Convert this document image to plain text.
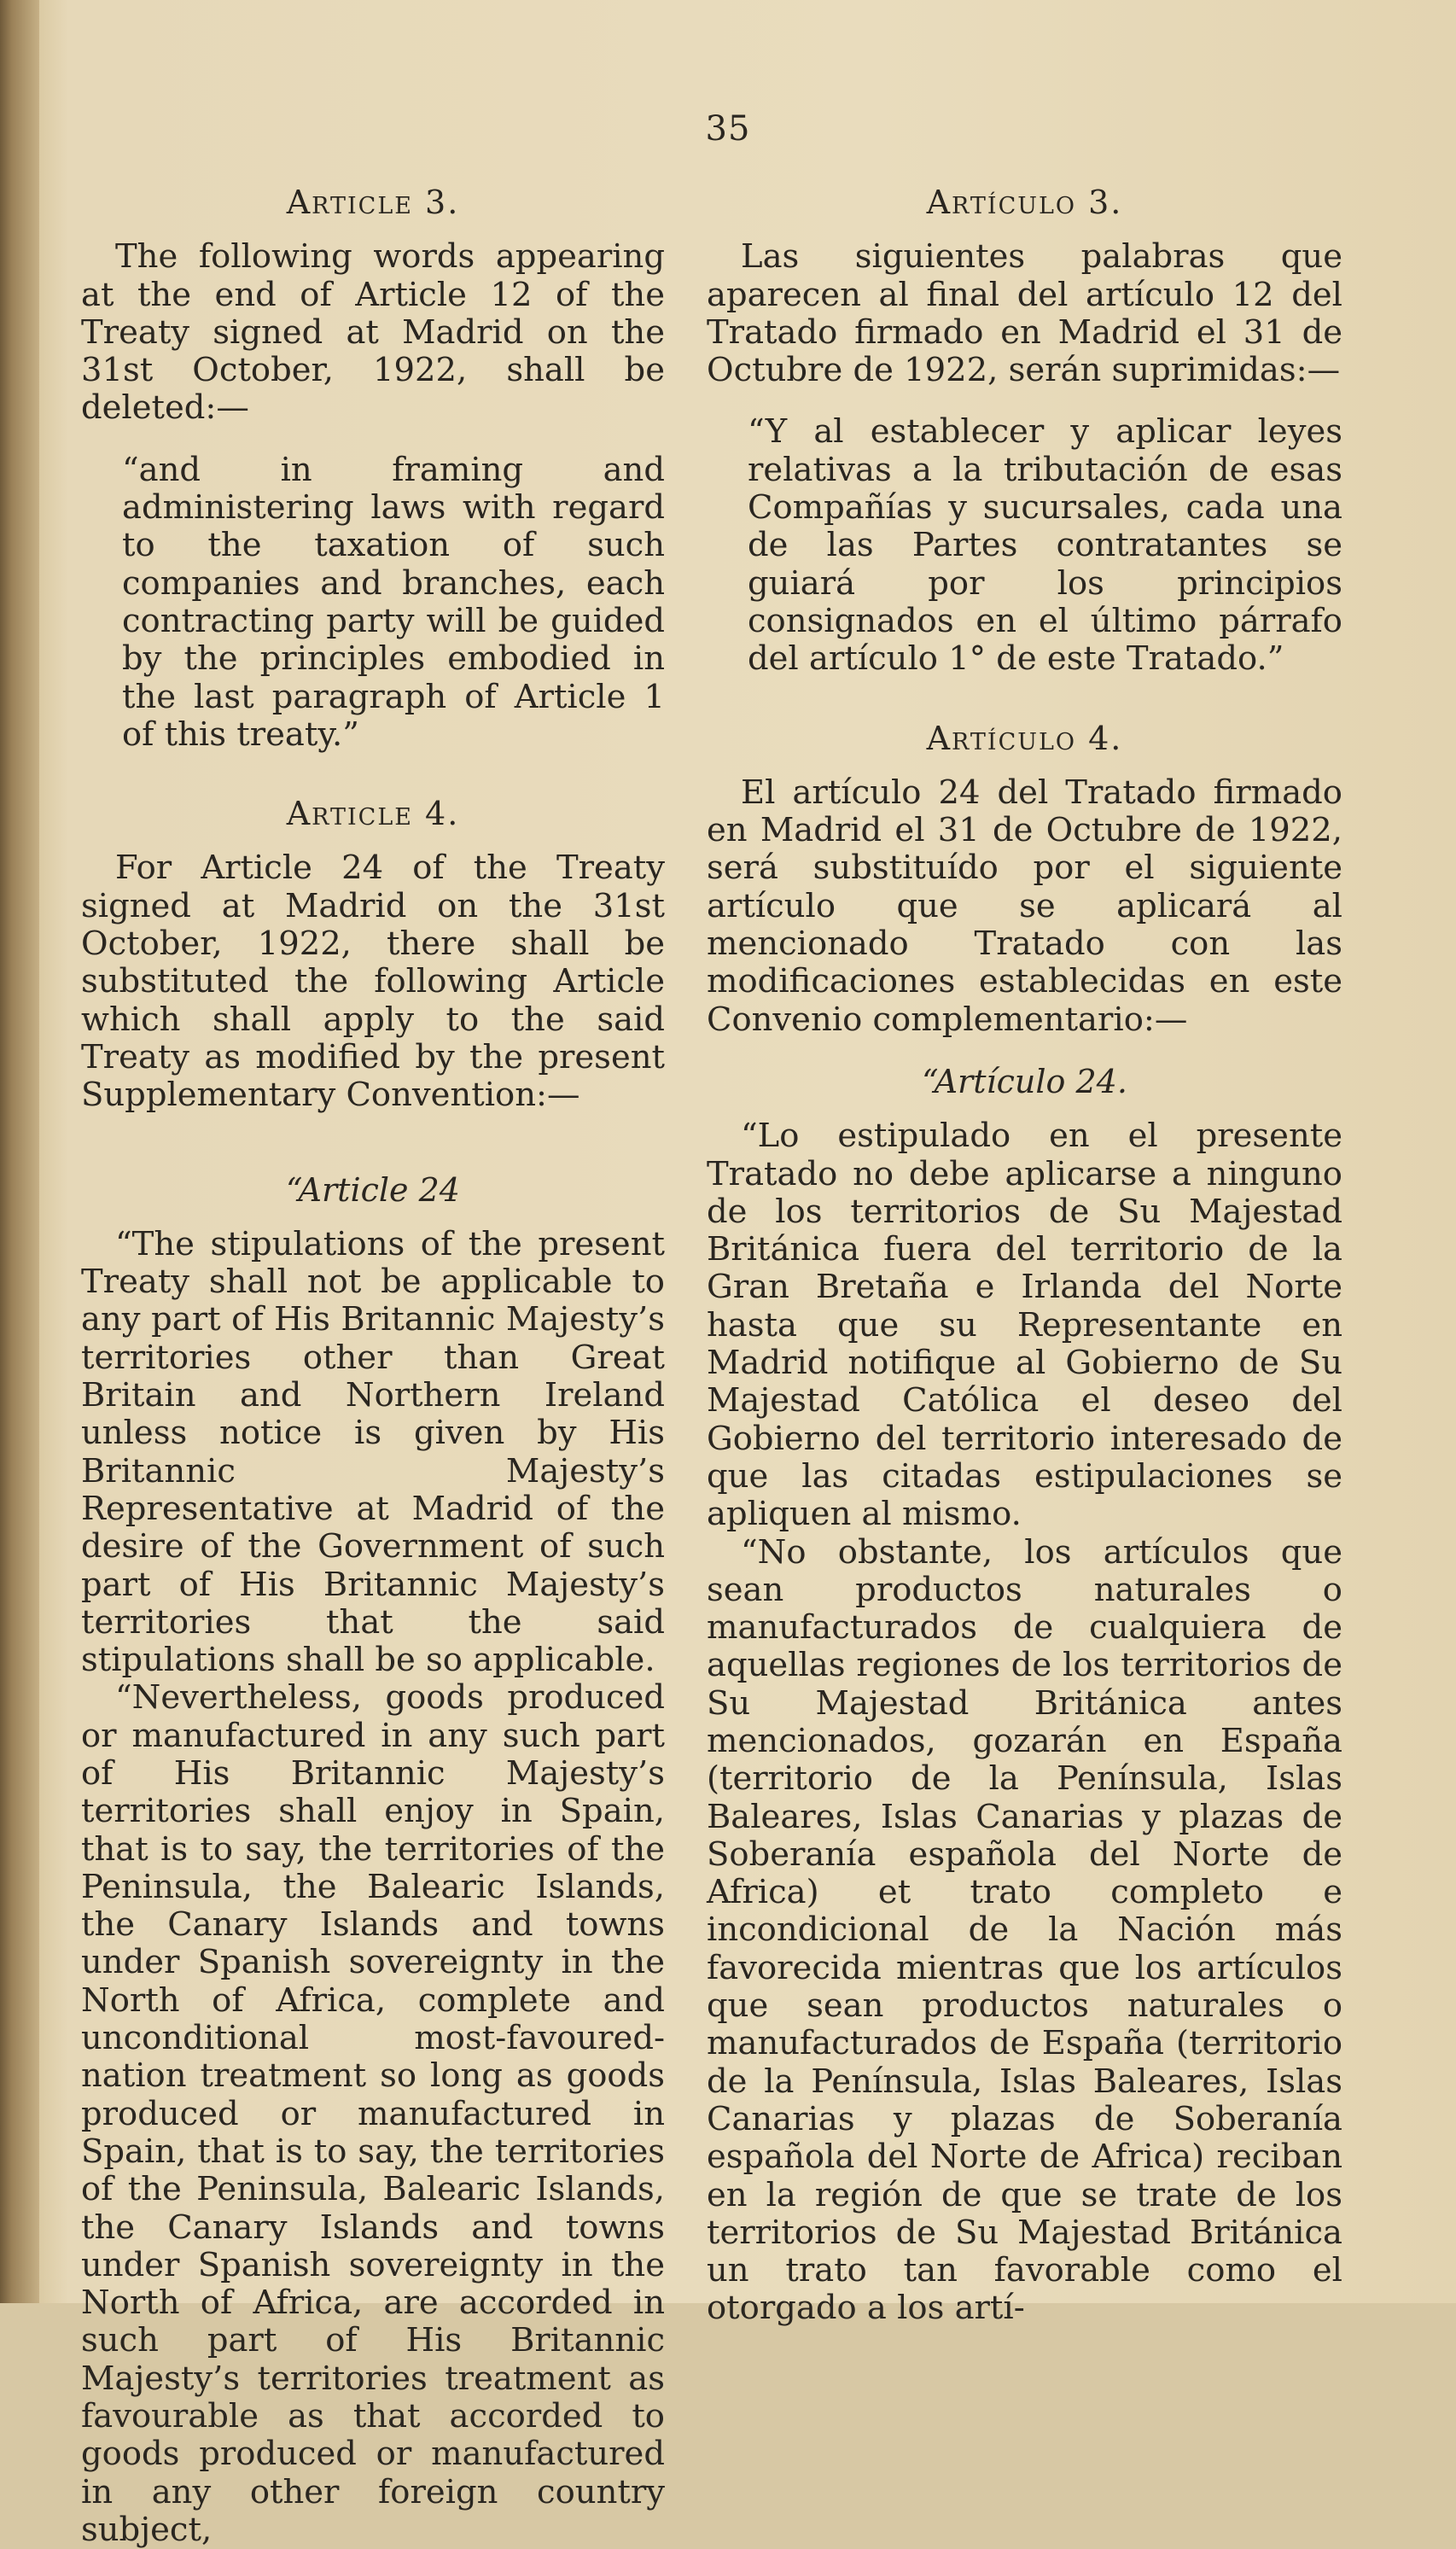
35
Article 3.

The following words appearing at the end of Article 12 of the Treaty signed at Madrid on the 31st October, 1922, shall be deleted:—

“and in framing and administering laws with regard to the taxation of such companies and branches, each contracting party will be guided by the principles embodied in the last paragraph of Article 1 of this treaty.”

Article 4.

For Article 24 of the Treaty signed at Madrid on the 31st October, 1922, there shall be substituted the following Article which shall apply to the said Treaty as modified by the present Supplementary Convention:—

“Article 24

“The stipulations of the present Treaty shall not be applicable to any part of His Britannic Majesty’s territories other than Great Britain and Northern Ireland unless notice is given by His Britannic Majesty’s Representative at Madrid of the desire of the Government of such part of His Britannic Majesty’s territories that the said stipulations shall be so applicable.

“Nevertheless, goods produced or manufactured in any such part of His Britannic Majesty’s territories shall enjoy in Spain, that is to say, the territories of the Peninsula, the Balearic Islands, the Canary Islands and towns under Spanish sovereignty in the North of Africa, complete and unconditional most-favoured-nation treatment so long as goods produced or manufactured in Spain, that is to say, the territories of the Peninsula, Balearic Islands, the Canary Islands and towns under Spanish sovereignty in the North of Africa, are accorded in such part of His Britannic Majesty’s territories treatment as favourable as that accorded to goods produced or manufactured in any other foreign country subject,

Artículo 3.

Las siguientes palabras que aparecen al final del artículo 12 del Tratado firmado en Madrid el 31 de Octubre de 1922, serán suprimidas:—

“Y al establecer y aplicar leyes relativas a la tributación de esas Compañías y sucursales, cada una de las Partes contratantes se guiará por los principios consignados en el último párrafo del artículo 1° de este Tratado.”

Artículo 4.

El artículo 24 del Tratado firmado en Madrid el 31 de Octubre de 1922, será substituído por el siguiente artículo que se aplicará al mencionado Tratado con las modificaciones establecidas en este Convenio complementario:—

“Artículo 24.

“Lo estipulado en el presente Tratado no debe aplicarse a ninguno de los territorios de Su Majestad Británica fuera del territorio de la Gran Bretaña e Irlanda del Norte hasta que su Representante en Madrid notifique al Gobierno de Su Majestad Católica el deseo del Gobierno del territorio interesado de que las citadas estipulaciones se apliquen al mismo.

“No obstante, los artículos que sean productos naturales o manufacturados de cualquiera de aquellas regiones de los territorios de Su Majestad Británica antes mencionados, gozarán en España (territorio de la Península, Islas Baleares, Islas Canarias y plazas de Soberanía española del Norte de Africa) et trato completo e incondicional de la Nación más favorecida mientras que los artículos que sean productos naturales o manufacturados de España (territorio de la Península, Islas Baleares, Islas Canarias y plazas de Soberanía española del Norte de Africa) reciban en la región de que se trate de los territorios de Su Majestad Británica un trato tan favorable como el otorgado a los artí-
